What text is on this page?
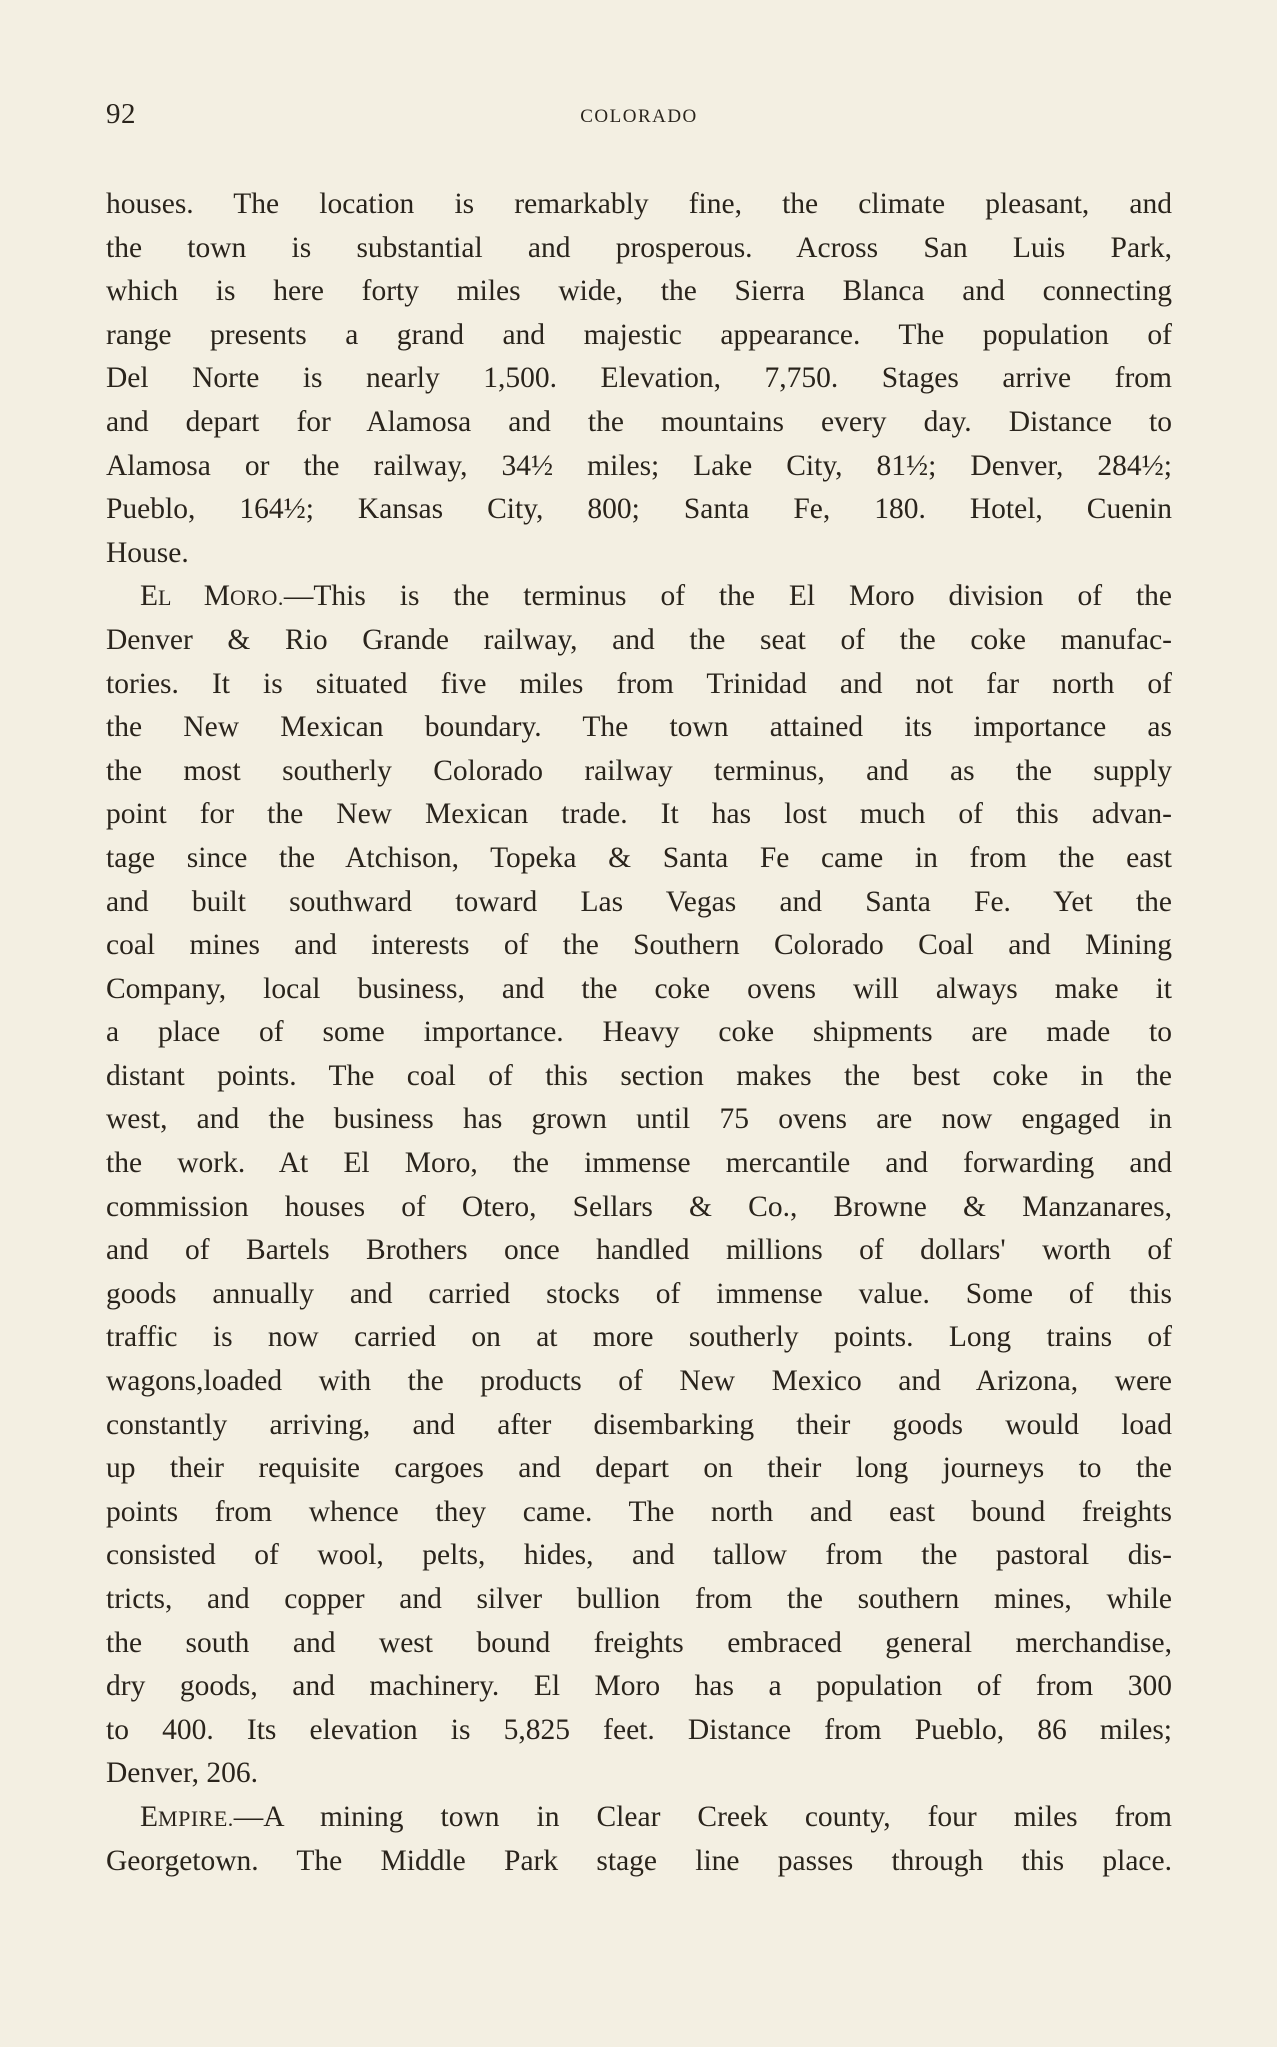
92	COLORADO
houses. The location is remarkably fine, the climate pleasant, and
the town is substantial and prosperous. Across San Luis Park,
which is here forty miles wide, the Sierra Blanca and connecting
range presents a grand and majestic appearance. The population of
Del Norte is nearly 1,500. Elevation, 7,750. Stages arrive from
and depart for Alamosa and the mountains every day. Distance to
Alamosa or the railway, 34½ miles; Lake City, 81½; Denver, 284½;
Pueblo, 164½; Kansas City, 800; Santa Fe, 180. Hotel, Cuenin
House.
EL MORO.—This is the terminus of the El Moro division of the
Denver & Rio Grande railway, and the seat of the coke manufac-
tories. It is situated five miles from Trinidad and not far north of
the New Mexican boundary. The town attained its importance as
the most southerly Colorado railway terminus, and as the supply
point for the New Mexican trade. It has lost much of this advan-
tage since the Atchison, Topeka & Santa Fe came in from the east
and built southward toward Las Vegas and Santa Fe. Yet the
coal mines and interests of the Southern Colorado Coal and Mining
Company, local business, and the coke ovens will always make it
a place of some importance. Heavy coke shipments are made to
distant points. The coal of this section makes the best coke in the
west, and the business has grown until 75 ovens are now engaged in
the work. At El Moro, the immense mercantile and forwarding and
commission houses of Otero, Sellars & Co., Browne & Manzanares,
and of Bartels Brothers once handled millions of dollars' worth of
goods annually and carried stocks of immense value. Some of this
traffic is now carried on at more southerly points. Long trains of
wagons,loaded with the products of New Mexico and Arizona, were
constantly arriving, and after disembarking their goods would load
up their requisite cargoes and depart on their long journeys to the
points from whence they came. The north and east bound freights
consisted of wool, pelts, hides, and tallow from the pastoral dis-
tricts, and copper and silver bullion from the southern mines, while
the south and west bound freights embraced general merchandise,
dry goods, and machinery. El Moro has a population of from 300
to 400. Its elevation is 5,825 feet. Distance from Pueblo, 86 miles;
Denver, 206.
EMPIRE.—A mining town in Clear Creek county, four miles from
Georgetown. The Middle Park stage line passes through this place.
